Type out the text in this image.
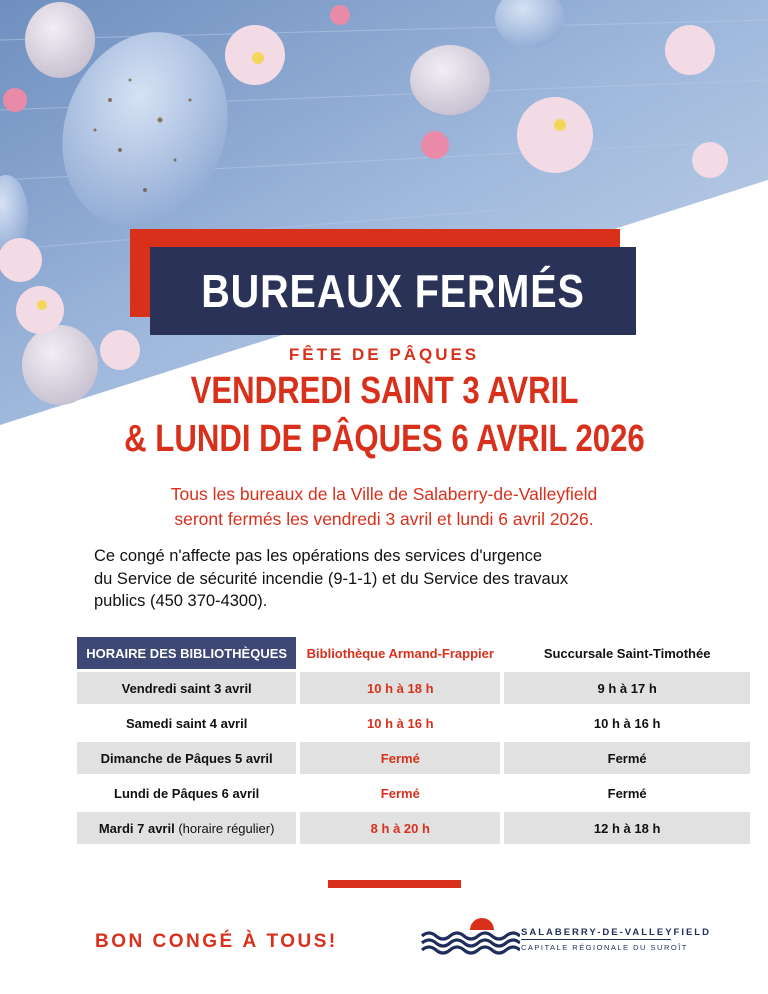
BUREAUX FERMÉS
FÊTE DE PÂQUES
VENDREDI SAINT 3 AVRIL
& LUNDI DE PÂQUES 6 AVRIL 2026
Tous les bureaux de la Ville de Salaberry-de-Valleyfield
seront fermés les vendredi 3 avril et lundi 6 avril 2026.
Ce congé n'affecte pas les opérations des services d'urgence
du Service de sécurité incendie (9-1-1) et du Service des travaux
publics (450 370-4300).
HORAIRE DES BIBLIOTHÈQUES	Bibliothèque Armand-Frappier	Succursale Saint-Timothée
Vendredi saint 3 avril	10 h à 18 h	9 h à 17 h
Samedi saint 4 avril	10 h à 16 h	10 h à 16 h
Dimanche de Pâques 5 avril	Fermé	Fermé
Lundi de Pâques 6 avril	Fermé	Fermé
Mardi 7 avril (horaire régulier)	8 h à 20 h	12 h à 18 h
BON CONGÉ À TOUS!	SALABERRY-DE-VALLEYFIELD
CAPITALE RÉGIONALE DU SUROÎT
